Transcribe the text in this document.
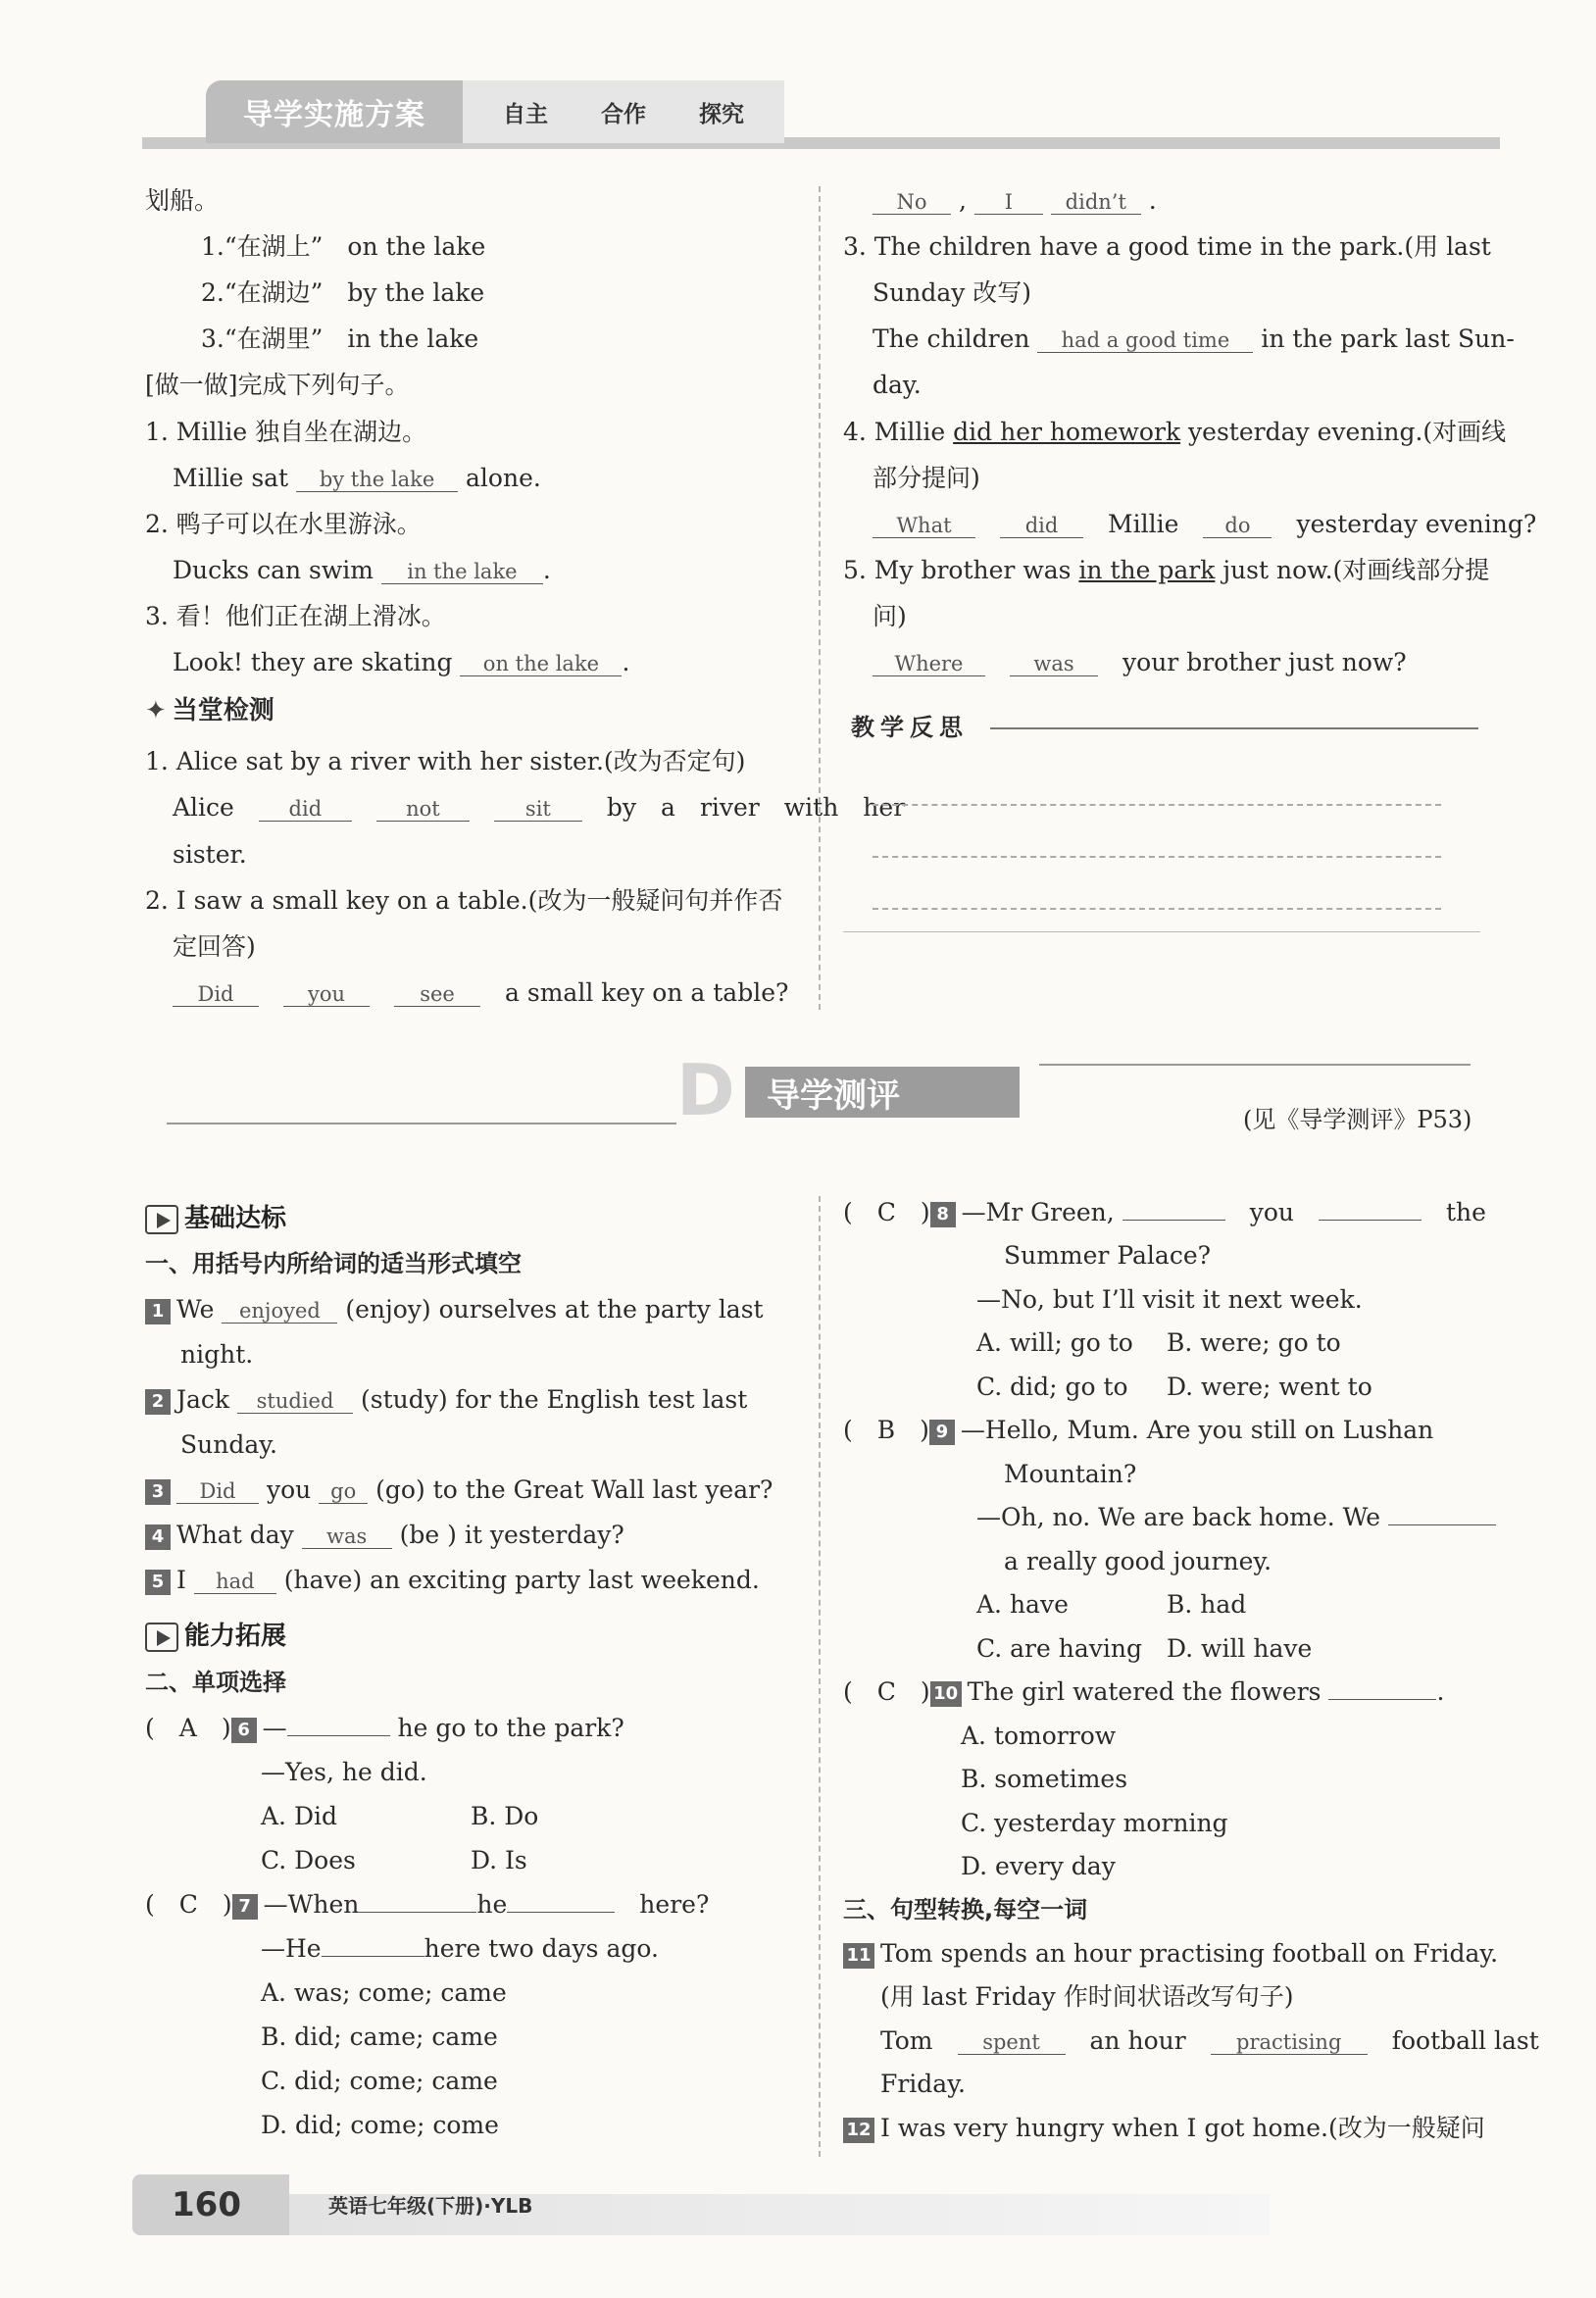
导学实施方案	自主 合作 探究
划船。
1.“在湖上”　on the lake
2.“在湖边”　by the lake
3.“在湖里”　in the lake
[做一做]完成下列句子。
1. Millie 独自坐在湖边。
Millie sat by the lake alone.
2. 鸭子可以在水里游泳。
Ducks can swim in the lake .
3. 看！他们正在湖上滑冰。
Look! they are skating on the lake .
✦ 当堂检测
1. Alice sat by a river with her sister.(改为否定句)
Alice　	did　	not　	sit　 by　a　river　with　her
sister.
2. I saw a small key on a table.(改为一般疑问句并作否
定回答)
Did　	you　	see　 a small key on a table?
No , I	didn’t .
3. The children have a good time in the park.(用 last
Sunday 改写)
The children had a good time in the park last Sun-
day.
4. Millie did her homework yesterday evening.(对画线
部分提问)
What　	did　 Millie　 do　 yesterday evening?
5. My brother was in the park just now.(对画线部分提
问)
Where　	was　 your brother just now?
教学反思
D 导学测评
(见《导学测评》P53)
基础达标
一、用括号内所给词的适当形式填空
1 We enjoyed (enjoy) ourselves at the party last
night.
2 Jack studied (study) for the English test last
Sunday.
3 Did you go (go) to the Great Wall last year?
4 What day was (be ) it yesterday?
5 I had (have) an exciting party last weekend.
能力拓展
二、单项选择
(　A　) 6 —	he go to the park?
—Yes, he did.
A. Did	B. Do
C. Does	D. Is
(　C　) 7 —When	he　	here?
—He	here two days ago.
A. was; come; came
B. did; came; came
C. did; come; came
D. did; come; come
(　C　) 8 —Mr Green, 　	you　　	the
Summer Palace?
—No, but I’ll visit it next week.
A. will; go to B. were; go to
C. did; go to D. were; went to
(　B　) 9 —Hello, Mum. Are you still on Lushan
Mountain?
—Oh, no. We are back home. We
a really good journey.
A. have	B. had
C. are having D. will have
(　C　) 10 The girl watered the flowers	.
A. tomorrow
B. sometimes
C. yesterday morning
D. every day
三、句型转换,每空一词
11 Tom spends an hour practising football on Friday.
(用 last Friday 作时间状语改写句子)
Tom　 spent　 an hour　 practising　 football last
Friday.
12 I was very hungry when I got home.(改为一般疑问
160	英语七年级(下册)·YLB
